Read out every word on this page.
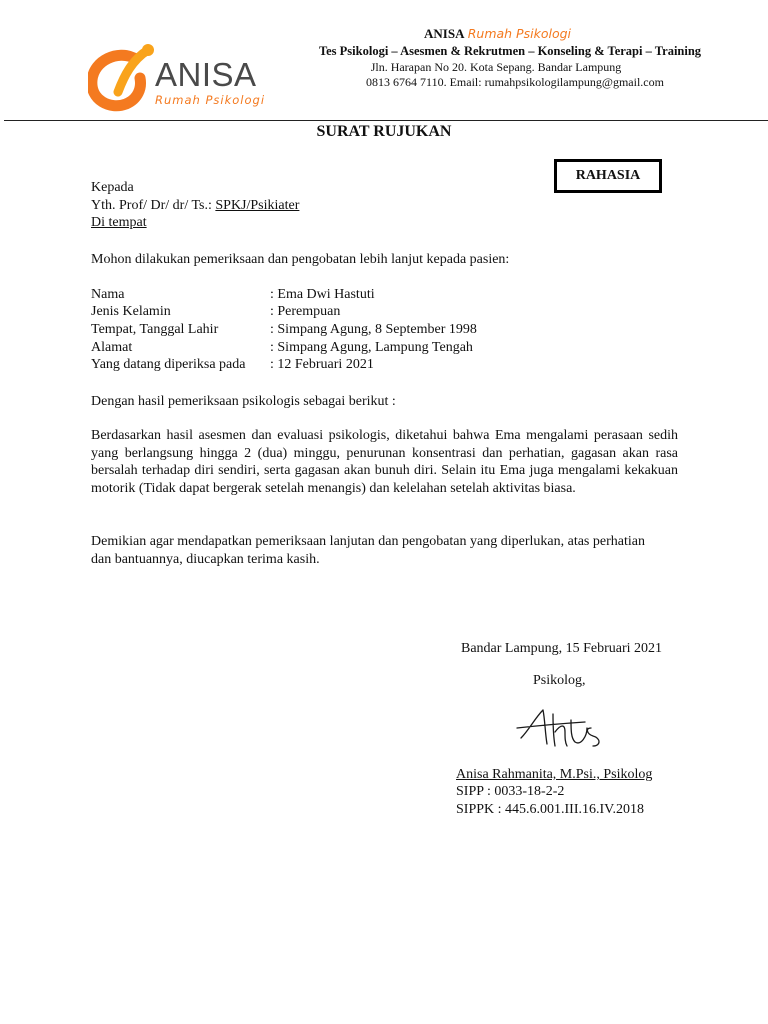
ANISA
Rumah Psikologi
ANISA Rumah Psikologi
Tes Psikologi – Asesmen & Rekrutmen – Konseling & Terapi – Training
Jln. Harapan No 20. Kota Sepang. Bandar Lampung
0813 6764 7110. Email: rumahpsikologilampung@gmail.com
SURAT RUJUKAN
RAHASIA
Kepada
Yth. Prof/ Dr/ dr/ Ts.: SPKJ/Psikiater
Di tempat
Mohon dilakukan pemeriksaan dan pengobatan lebih lanjut kepada pasien:
Nama	: Ema Dwi Hastuti
Jenis Kelamin	: Perempuan
Tempat, Tanggal Lahir	: Simpang Agung, 8 September 1998
Alamat	: Simpang Agung, Lampung Tengah
Yang datang diperiksa pada : 12 Februari 2021
Dengan hasil pemeriksaan psikologis sebagai berikut :
Berdasarkan hasil asesmen dan evaluasi psikologis, diketahui bahwa Ema mengalami perasaan sedih yang berlangsung hingga 2 (dua) minggu, penurunan konsentrasi dan perhatian, gagasan akan rasa bersalah terhadap diri sendiri, serta gagasan akan bunuh diri. Selain itu Ema juga mengalami kekakuan motorik (Tidak dapat bergerak setelah menangis) dan kelelahan setelah aktivitas biasa.
Demikian agar mendapatkan pemeriksaan lanjutan dan pengobatan yang diperlukan, atas perhatian dan bantuannya, diucapkan terima kasih.
Bandar Lampung, 15 Februari 2021
Psikolog,
Anisa Rahmanita, M.Psi., Psikolog
SIPP : 0033-18-2-2
SIPPK : 445.6.001.III.16.IV.2018
